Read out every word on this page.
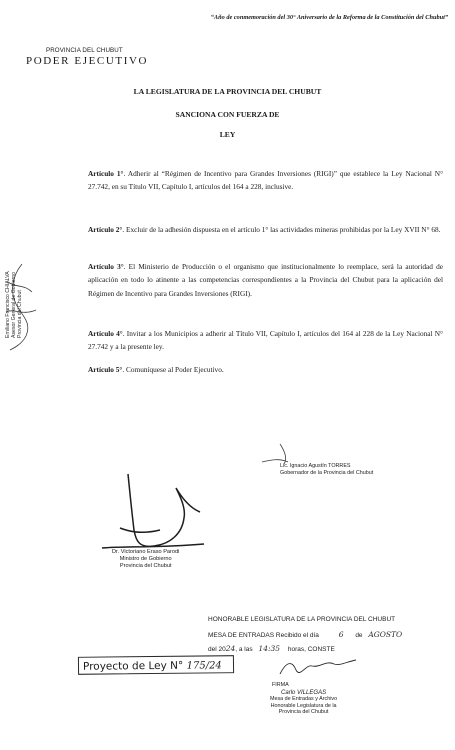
“Año de conmemoración del 30° Aniversario de la Reforma de la Constitución del Chubut”
PROVINCIA DEL CHUBUT
PODER EJECUTIVO
LA LEGISLATURA DE LA PROVINCIA DEL CHUBUT
SANCIONA CON FUERZA DE
LEY
Artículo 1°. Adherir al “Régimen de Incentivo para Grandes Inversiones (RIGI)” que establece la Ley Nacional N° 27.742, en su Título VII, Capítulo I, artículos del 164 a 228, inclusive.
Artículo 2°. Excluir de la adhesión dispuesta en el artículo 1° las actividades mineras prohibidas por la Ley XVII N° 68.
Artículo 3°. El Ministerio de Producción o el organismo que institucionalmente lo reemplace, será la autoridad de aplicación en todo lo atinente a las competencias correspondientes a la Provincia del Chubut para la aplicación del Régimen de Incentivo para Grandes Inversiones (RIGI).
Artículo 4°. Invitar a los Municipios a adherir al Título VII, Capítulo I, artículos del 164 al 228 de la Ley Nacional N° 27.742 y a la presente ley.
Artículo 5°. Comuníquese al Poder Ejecutivo.
Emiliano Francisco CHIALVA Asesor General de Gobierno Provincia del Chubut
Lic. Ignacio Agustín TORRES
Gobernador de la Provincia del Chubut
Dr. Victoriano Eraso Parodi
Ministro de Gobierno
Provincia del Chubut
HONORABLE LEGISLATURA DE LA PROVINCIA DEL CHUBUT
MESA DE ENTRADAS Recibido el día	6 de AGOSTO
del 2024, a las 14:35 horas, CONSTE
Proyecto de Ley N° 175/24
FIRMA
Carlo VILLEGAS
Mesa de Entradas y Archivo
Honorable Legislatura de la
Provincia del Chubut
